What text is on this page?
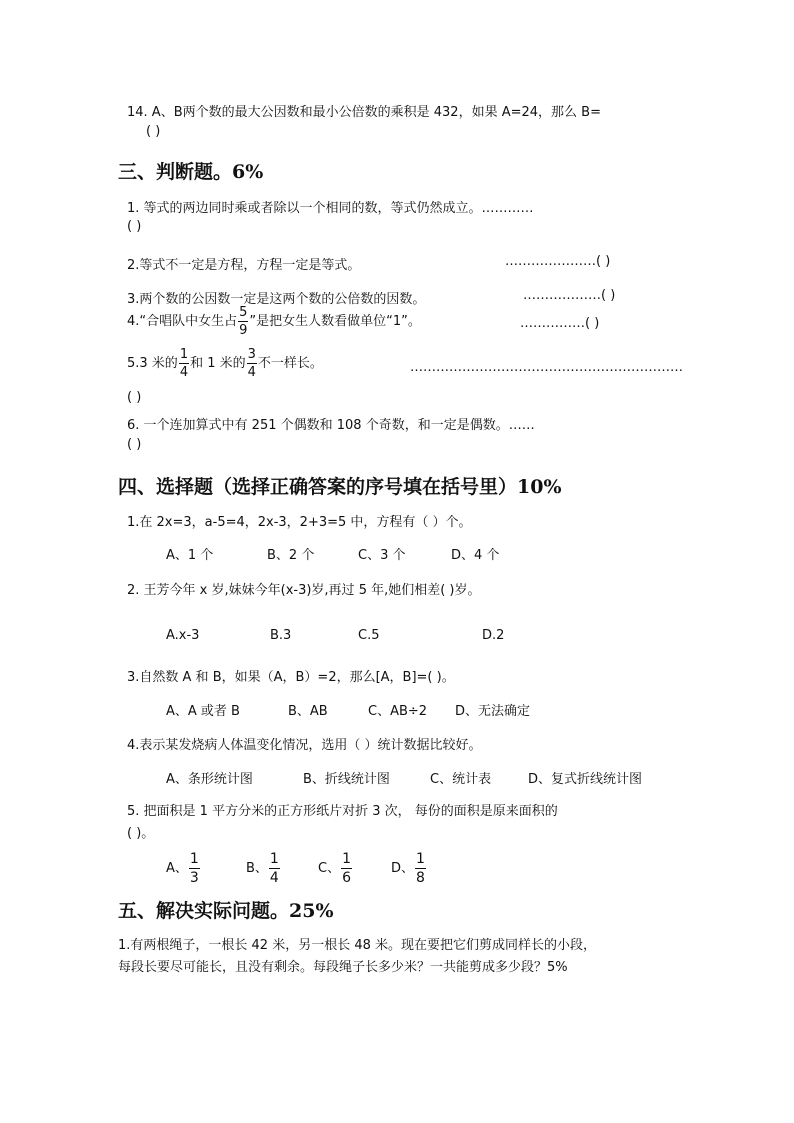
14. A、B两个数的最大公因数和最小公倍数的乘积是 432，如果 A=24，那么 B=
( )
三、判断题。6%
1. 等式的两边同时乘或者除以一个相同的数，等式仍然成立。…………
( )
2.等式不一定是方程，方程一定是等式。	…………………( )
3.两个数的公因数一定是这两个数的公倍数的因数。	………………( )
4.“合唱队中女生占 $\frac{5}{9}$ ”是把女生人数看做单位“1”。	……………( )
5.3 米的 $\frac{1}{4}$ 和 1 米的 $\frac{3}{4}$ 不一样长。	………………………………………………………
( )
6. 一个连加算式中有 251 个偶数和 108 个奇数，和一定是偶数。……
( )
四、选择题（选择正确答案的序号填在括号里）10%
1.在 2x=3，a-5=4，2x-3，2+3=5 中，方程有（ ）个。
A、1 个	B、2 个	C、3 个	D、4 个
2. 王芳今年 x 岁,妹妹今年(x-3)岁,再过 5 年,她们相差( )岁。
A.x-3	B.3	C.5	D.2
3.自然数 A 和 B，如果（A，B）=2，那么[A，B]=( )。
A、A 或者 B	B、AB	C、AB÷2 D、无法确定
4.表示某发烧病人体温变化情况，选用（ ）统计数据比较好。
A、条形统计图	B、折线统计图	C、统计表	D、复式折线统计图
5. 把面积是 1 平方分米的正方形纸片对折 3 次， 每份的面积是原来面积的
( )。
A、 $\frac{1}{3}$	B、 $\frac{1}{4}$	C、 $\frac{1}{6}$	D、 $\frac{1}{8}$
五、解决实际问题。25%
1.有两根绳子，一根长 42 米，另一根长 48 米。现在要把它们剪成同样长的小段，
每段长要尽可能长，且没有剩余。每段绳子长多少米？一共能剪成多少段？5%
